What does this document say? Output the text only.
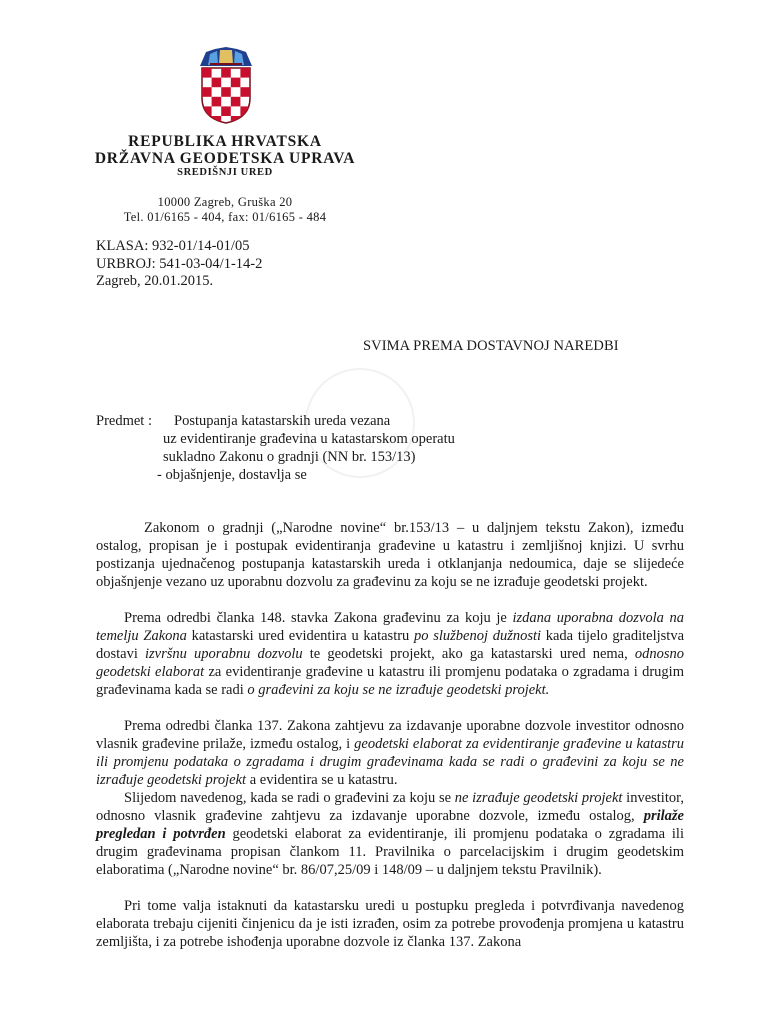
REPUBLIKA HRVATSKA
DRŽAVNA GEODETSKA UPRAVA
SREDIŠNJI URED
10000 Zagreb, Gruška 20
Tel. 01/6165 - 404, fax: 01/6165 - 484
KLASA: 932-01/14-01/05
URBROJ: 541-03-04/1-14-2
Zagreb, 20.01.2015.
SVIMA PREMA DOSTAVNOJ NAREDBI
Predmet : Postupanja katastarskih ureda vezana
uz evidentiranje građevina u katastarskom operatu
sukladno Zakonu o gradnji (NN br. 153/13)
- objašnjenje, dostavlja se
Zakonom o gradnji („Narodne novine“ br.153/13 – u daljnjem tekstu Zakon), između ostalog, propisan je i postupak evidentiranja građevine u katastru i zemljišnoj knjizi. U svrhu postizanja ujednačenog postupanja katastarskih ureda i otklanjanja nedoumica, daje se slijedeće objašnjenje vezano uz uporabnu dozvolu za građevinu za koju se ne izrađuje geodetski projekt.
Prema odredbi članka 148. stavka Zakona građevinu za koju je izdana uporabna dozvola na temelju Zakona katastarski ured evidentira u katastru po službenoj dužnosti kada tijelo graditeljstva dostavi izvršnu uporabnu dozvolu te geodetski projekt, ako ga katastarski ured nema, odnosno geodetski elaborat za evidentiranje građevine u katastru ili promjenu podataka o zgradama i drugim građevinama kada se radi o građevini za koju se ne izrađuje geodetski projekt.
Prema odredbi članka 137. Zakona zahtjevu za izdavanje uporabne dozvole investitor odnosno vlasnik građevine prilaže, između ostalog, i geodetski elaborat za evidentiranje građevine u katastru ili promjenu podataka o zgradama i drugim građevinama kada se radi o građevini za koju se ne izrađuje geodetski projekt a evidentira se u katastru.
Slijedom navedenog, kada se radi o građevini za koju se ne izrađuje geodetski projekt investitor, odnosno vlasnik građevine zahtjevu za izdavanje uporabne dozvole, između ostalog, prilaže pregledan i potvrđen geodetski elaborat za evidentiranje, ili promjenu podataka o zgradama ili drugim građevinama propisan člankom 11. Pravilnika o parcelacijskim i drugim geodetskim elaboratima („Narodne novine“ br. 86/07,25/09 i 148/09 – u daljnjem tekstu Pravilnik).
Pri tome valja istaknuti da katastarsku uredi u postupku pregleda i potvrđivanja navedenog elaborata trebaju cijeniti činjenicu da je isti izrađen, osim za potrebe provođenja promjena u katastru zemljišta, i za potrebe ishođenja uporabne dozvole iz članka 137. Zakona
